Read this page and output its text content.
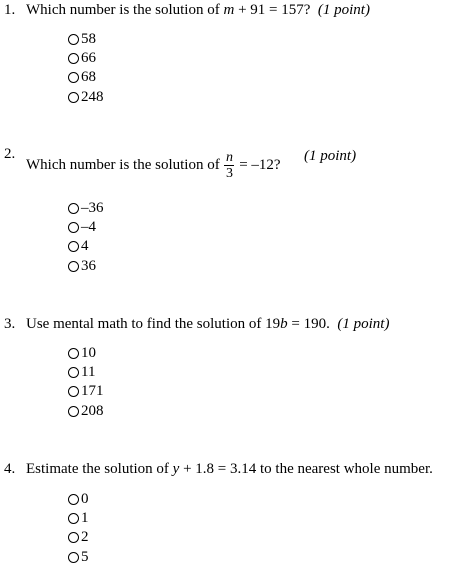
1. Which number is the solution of m + 91 = 157? (1 point)
58
66
68
248
2.
Which number is the solution of $\frac{n}{3} = -12$?
(1 point)
–36
–4
4
36
3. Use mental math to find the solution of 19b = 190. (1 point)
10
11
171
208
4. Estimate the solution of y + 1.8 = 3.14 to the nearest whole number.
0
1
2
5
